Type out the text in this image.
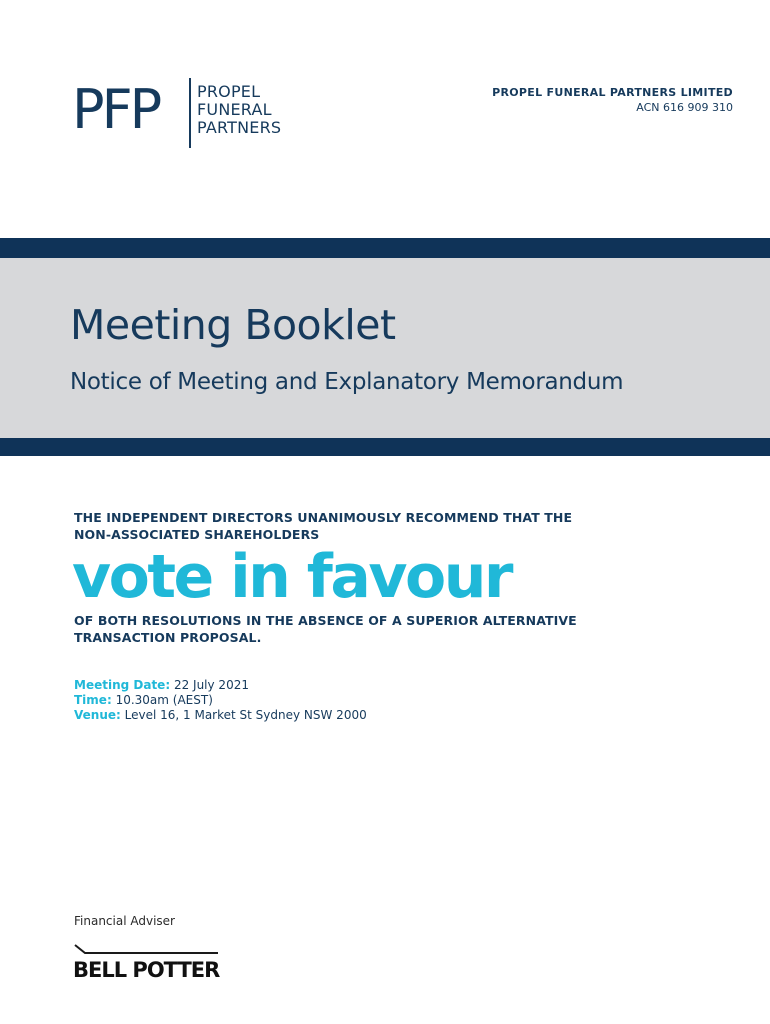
PFP PROPEL
FUNERAL
PARTNERS
PROPEL FUNERAL PARTNERS LIMITED
ACN 616 909 310
Meeting Booklet
Notice of Meeting and Explanatory Memorandum
THE INDEPENDENT DIRECTORS UNANIMOUSLY RECOMMEND THAT THE
NON-ASSOCIATED SHAREHOLDERS
vote in favour
OF BOTH RESOLUTIONS IN THE ABSENCE OF A SUPERIOR ALTERNATIVE
TRANSACTION PROPOSAL.
Meeting Date: 22 July 2021
Time: 10.30am (AEST)
Venue: Level 16, 1 Market St Sydney NSW 2000
Financial Adviser
BELL POTTER
